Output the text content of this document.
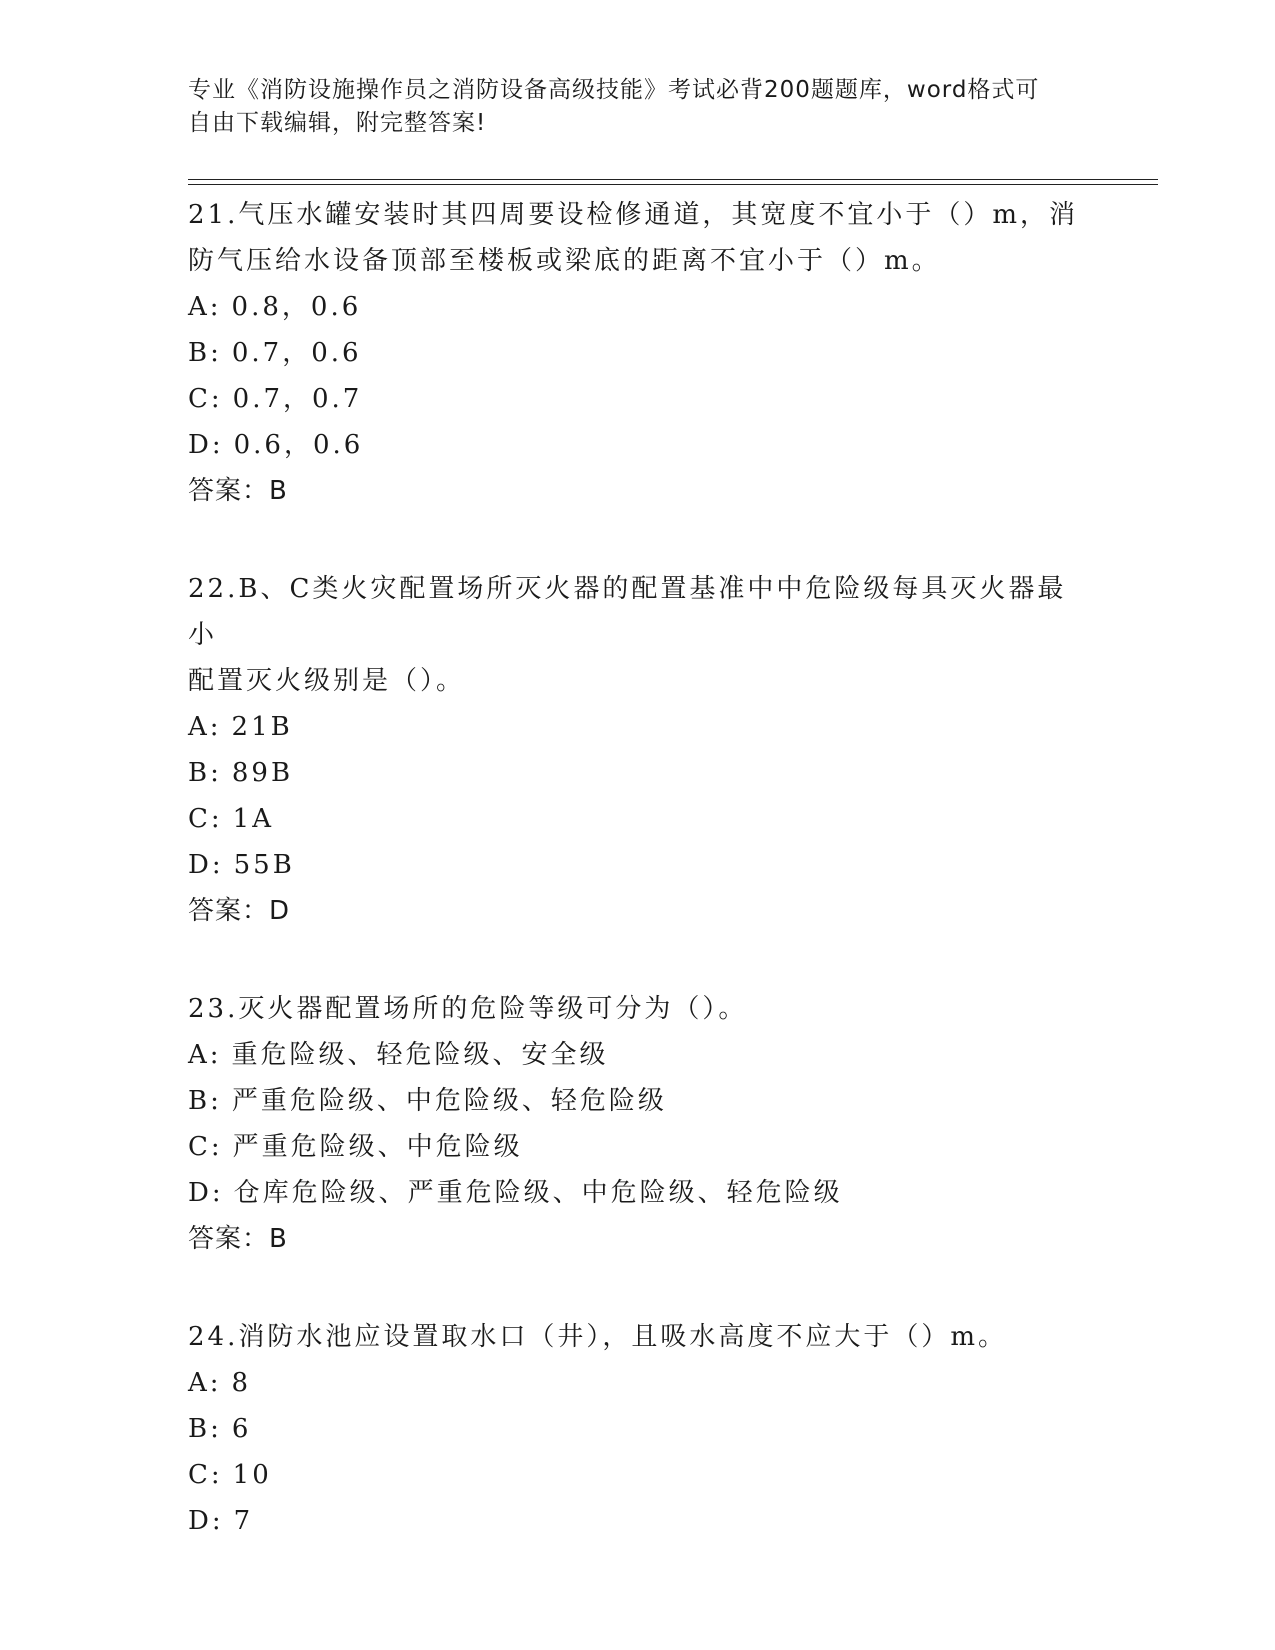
专业《消防设施操作员之消防设备高级技能》考试必背200题题库，word格式可
自由下载编辑，附完整答案!
21.气压水罐安装时其四周要设检修通道，其宽度不宜小于（）m，消
防气压给水设备顶部至楼板或梁底的距离不宜小于（）m。
A: 0.8，0.6
B: 0.7，0.6
C: 0.7，0.7
D: 0.6，0.6
答案：B
22.B、C类火灾配置场所灭火器的配置基准中中危险级每具灭火器最小
配置灭火级别是（）。
A: 21B
B: 89B
C: 1A
D: 55B
答案：D
23.灭火器配置场所的危险等级可分为（）。
A: 重危险级、轻危险级、安全级
B: 严重危险级、中危险级、轻危险级
C: 严重危险级、中危险级
D: 仓库危险级、严重危险级、中危险级、轻危险级
答案：B
24.消防水池应设置取水口（井），且吸水高度不应大于（）m。
A: 8
B: 6
C: 10
D: 7
